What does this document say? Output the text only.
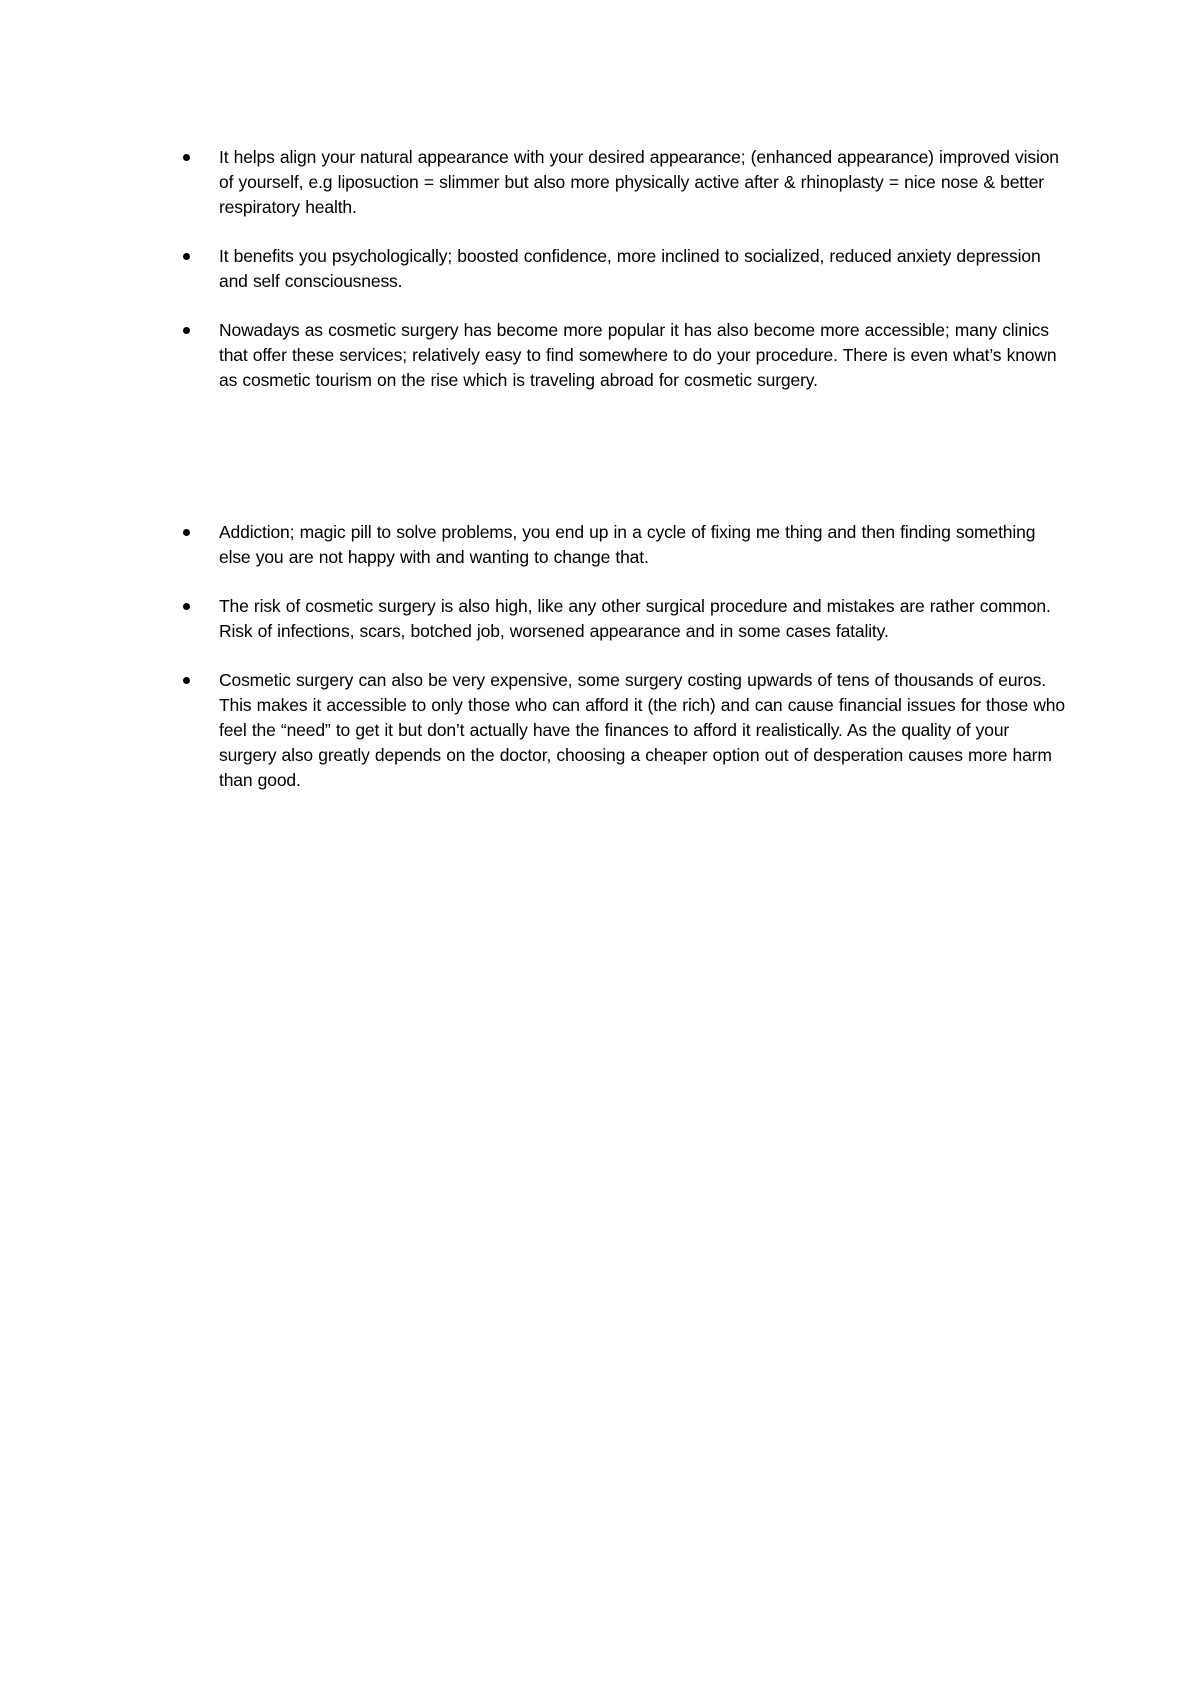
It helps align your natural appearance with your desired appearance; (enhanced appearance) improved vision of yourself, e.g liposuction = slimmer but also more physically active after & rhinoplasty = nice nose & better respiratory health.
It benefits you psychologically; boosted confidence, more inclined to socialized, reduced anxiety depression and self consciousness.
Nowadays as cosmetic surgery has become more popular it has also become more accessible; many clinics that offer these services; relatively easy to find somewhere to do your procedure. There is even what’s known as cosmetic tourism on the rise which is traveling abroad for cosmetic surgery.
Addiction; magic pill to solve problems, you end up in a cycle of fixing me thing and then finding something else you are not happy with and wanting to change that.
The risk of cosmetic surgery is also high, like any other surgical procedure and mistakes are rather common. Risk of infections, scars, botched job, worsened appearance and in some cases fatality.
Cosmetic surgery can also be very expensive, some surgery costing upwards of tens of thousands of euros. This makes it accessible to only those who can afford it (the rich) and can cause financial issues for those who feel the “need” to get it but don’t actually have the finances to afford it realistically. As the quality of your surgery also greatly depends on the doctor, choosing a cheaper option out of desperation causes more harm than good.
